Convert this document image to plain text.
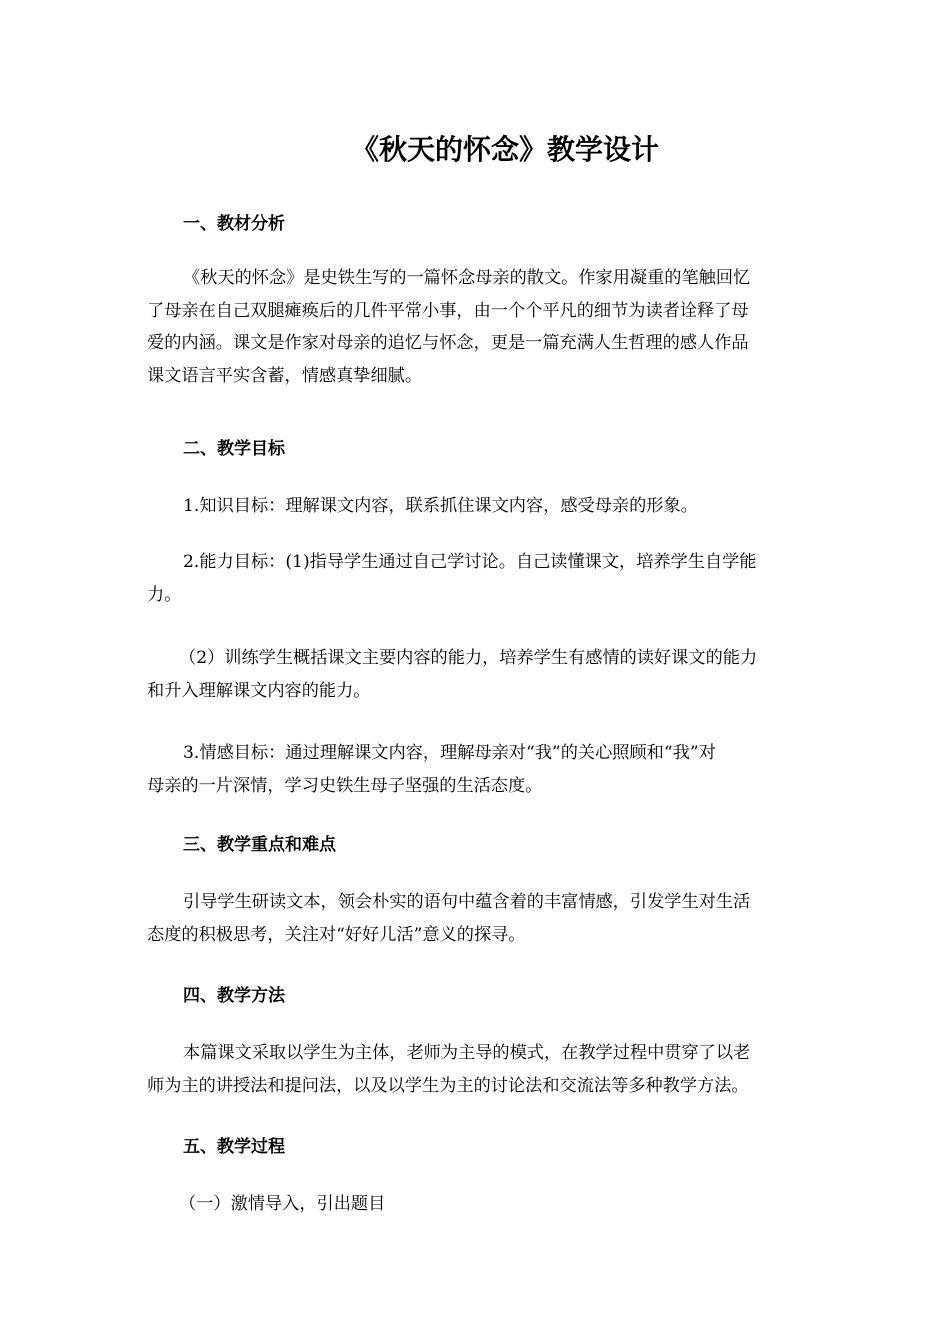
《秋天的怀念》教学设计
一、教材分析
《秋天的怀念》是史铁生写的一篇怀念母亲的散文。作家用凝重的笔触回忆
了母亲在自己双腿瘫痪后的几件平常小事，由一个个平凡的细节为读者诠释了母
爱的内涵。课文是作家对母亲的追忆与怀念，更是一篇充满人生哲理的感人作品
课文语言平实含蓄，情感真挚细腻。
二、教学目标
1.知识目标：理解课文内容，联系抓住课文内容，感受母亲的形象。
2.能力目标：(1)指导学生通过自己学讨论。自己读懂课文，培养学生自学能
力。
（2）训练学生概括课文主要内容的能力，培养学生有感情的读好课文的能力
和升入理解课文内容的能力。
3.情感目标：通过理解课文内容，理解母亲对“我”的关心照顾和“我”对
母亲的一片深情，学习史铁生母子坚强的生活态度。
三、教学重点和难点
引导学生研读文本，领会朴实的语句中蕴含着的丰富情感，引发学生对生活
态度的积极思考，关注对“好好儿活”意义的探寻。
四、教学方法
本篇课文采取以学生为主体，老师为主导的模式，在教学过程中贯穿了以老
师为主的讲授法和提问法，以及以学生为主的讨论法和交流法等多种教学方法。
五、教学过程
（一）激情导入，引出题目
